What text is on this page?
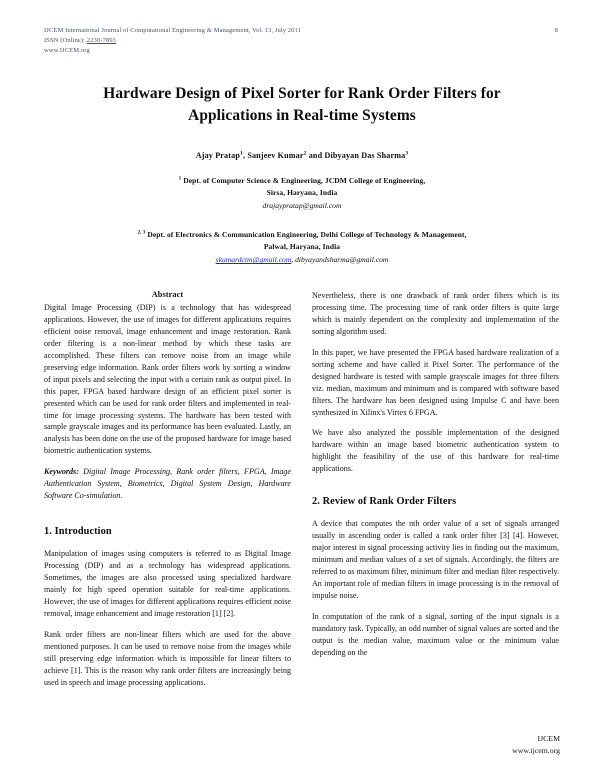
IJCEM International Journal of Computational Engineering & Management, Vol. 13, July 2011
ISSN (Online): 2230-7893
www.IJCEM.org
8
Hardware Design of Pixel Sorter for Rank Order Filters for Applications in Real-time Systems
Ajay Pratap$^1$, Sanjeev Kumar$^2$ and Dibyayan Das Sharma$^3$
$^1$ Dept. of Computer Science & Engineering, JCDM College of Engineering,
Sirsa, Haryana, India
drajaypratap@gmail.com
$^{2, 3}$ Dept. of Electronics & Communication Engineering, Delhi College of Technology & Management,
Palwal, Haryana, India
skumardctm@gmail.com, dibyayandsharma@gmail.com
Abstract

Digital Image Processing (DIP) is a technology that has widespread applications. However, the use of images for different applications requires efficient noise removal, image enhancement and image restoration. Rank order filtering is a non-linear method by which these tasks are accomplished. These filters can remove noise from an image while preserving edge information. Rank order filters work by sorting a window of input pixels and selecting the input with a certain rank as output pixel. In this paper, FPGA based hardware design of an efficient pixel sorter is presented which can be used for rank order filters and implemented in real-time for image processing systems. The hardware has been tested with sample grayscale images and its performance has been evaluated. Lastly, an analysis has been done on the use of the proposed hardware for image based biometric authentication systems.

Keywords: Digital Image Processing, Rank order filters, FPGA, Image Authentication System, Biometrics, Digital System Design, Hardware Software Co-simulation.

1. Introduction

Manipulation of images using computers is referred to as Digital Image Processing (DIP) and as a technology has widespread applications. Sometimes, the images are also processed using specialized hardware mainly for high speed operation suitable for real-time applications. However, the use of images for different applications requires efficient noise removal, image enhancement and image restoration [1] [2].

Rank order filters are non-linear filters which are used for the above mentioned purposes. It can be used to remove noise from the images while still preserving edge information which is impossible for linear filters to achieve [1]. This is the reason why rank order filters are increasingly being used in speech and image processing applications.

Nevertheless, there is one drawback of rank order filters which is its processing time. The processing time of rank order filters is quite large which is mainly dependent on the complexity and implementation of the sorting algorithm used.

In this paper, we have presented the FPGA based hardware realization of a sorting scheme and have called it Pixel Sorter. The performance of the designed hardware is tested with sample grayscale images for three filters viz. median, maximum and minimum and is compared with software based filters. The hardware has been designed using Impulse C and have been synthesized in Xilinx's Virtex 6 FPGA.

We have also analyzed the possible implementation of the designed hardware within an image based biometric authentication system to highlight the feasibility of the use of this hardware for real-time applications.

2. Review of Rank Order Filters

A device that computes the nth order value of a set of signals arranged usually in ascending order is called a rank order filter [3] [4]. However, major interest in signal processing activity lies in finding out the maximum, minimum and median values of a set of signals. Accordingly, the filters are referred to as maximum filter, minimum filter and median filter respectively. An important role of median filters in image processing is in the removal of impulse noise.

In computation of the rank of a signal, sorting of the input signals is a mandatory task. Typically, an odd number of signal values are sorted and the output is the median value, maximum value or the minimum value depending on the

IJCEM
www.ijcem.org
